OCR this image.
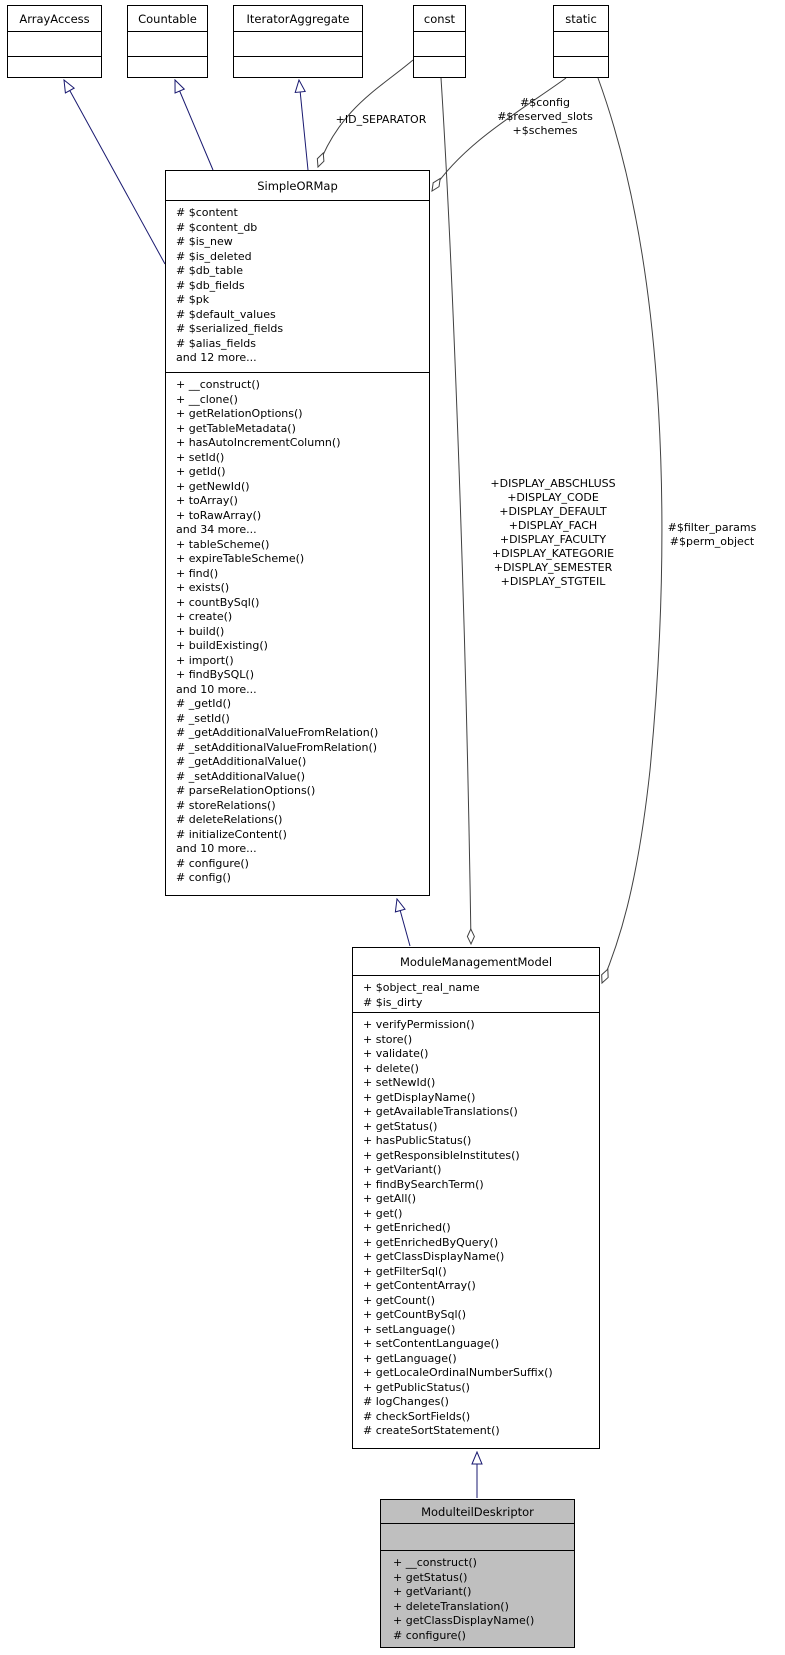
ArrayAccess	Countable	IteratorAggregate	const	static
SimpleORMap
# $content
# $content_db
# $is_new
# $is_deleted
# $db_table
# $db_fields
# $pk
# $default_values
# $serialized_fields
# $alias_fields
and 12 more...
+ __construct()
+ __clone()
+ getRelationOptions()
+ getTableMetadata()
+ hasAutoIncrementColumn()
+ setId()
+ getId()
+ getNewId()
+ toArray()
+ toRawArray()
and 34 more...
+ tableScheme()
+ expireTableScheme()
+ find()
+ exists()
+ countBySql()
+ create()
+ build()
+ buildExisting()
+ import()
+ findBySQL()
and 10 more...
# _getId()
# _setId()
# _getAdditionalValueFromRelation()
# _setAdditionalValueFromRelation()
# _getAdditionalValue()
# _setAdditionalValue()
# parseRelationOptions()
# storeRelations()
# deleteRelations()
# initializeContent()
and 10 more...
# configure()
# config()
ModuleManagementModel
+ $object_real_name
# $is_dirty
+ verifyPermission()
+ store()
+ validate()
+ delete()
+ setNewId()
+ getDisplayName()
+ getAvailableTranslations()
+ getStatus()
+ hasPublicStatus()
+ getResponsibleInstitutes()
+ getVariant()
+ findBySearchTerm()
+ getAll()
+ get()
+ getEnriched()
+ getEnrichedByQuery()
+ getClassDisplayName()
+ getFilterSql()
+ getContentArray()
+ getCount()
+ getCountBySql()
+ setLanguage()
+ setContentLanguage()
+ getLanguage()
+ getLocaleOrdinalNumberSuffix()
+ getPublicStatus()
# logChanges()
# checkSortFields()
# createSortStatement()
ModulteilDeskriptor
+ __construct()
+ getStatus()
+ getVariant()
+ deleteTranslation()
+ getClassDisplayName()
# configure()
+ID_SEPARATOR
#$config
#$reserved_slots
+$schemes
+DISPLAY_ABSCHLUSS
+DISPLAY_CODE
+DISPLAY_DEFAULT
+DISPLAY_FACH
+DISPLAY_FACULTY
+DISPLAY_KATEGORIE
+DISPLAY_SEMESTER
+DISPLAY_STGTEIL
#$filter_params
#$perm_object
